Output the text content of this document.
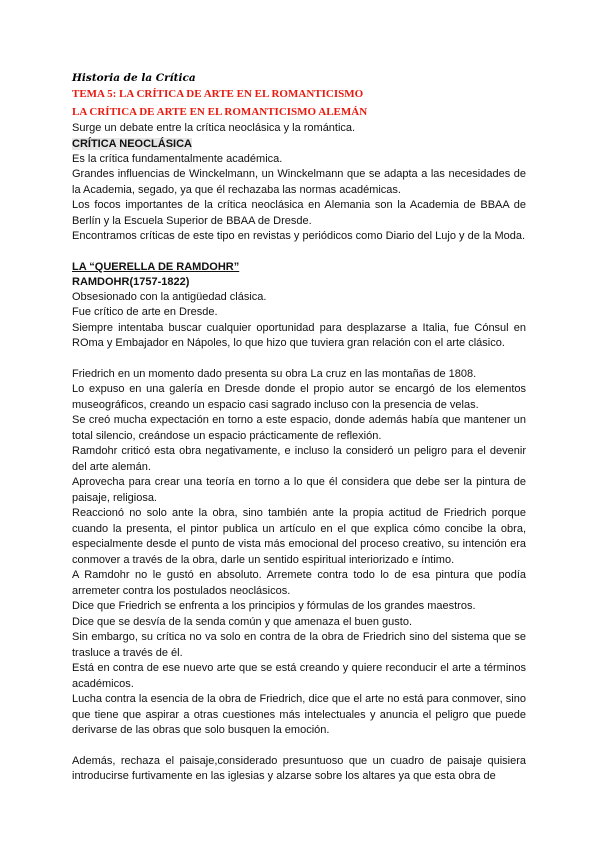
Historia de la Crítica

TEMA 5: LA CRÍTICA DE ARTE EN EL ROMANTICISMO

LA CRÍTICA DE ARTE EN EL ROMANTICISMO ALEMÁN

Surge un debate entre la crítica neoclásica y la romántica.

CRÍTICA NEOCLÁSICA

Es la crítica fundamentalmente académica.

Grandes influencias de Winckelmann, un Winckelmann que se adapta a las necesidades de la Academia, segado, ya que él rechazaba las normas académicas.

Los focos importantes de la crítica neoclásica en Alemania son la Academia de BBAA de Berlín y la Escuela Superior de BBAA de Dresde.

Encontramos críticas de este tipo en revistas y periódicos como Diario del Lujo y de la Moda.

LA “QUERELLA DE RAMDOHR”

RAMDOHR(1757-1822)

Obsesionado con la antigüedad clásica.

Fue crítico de arte en Dresde.

Siempre intentaba buscar cualquier oportunidad para desplazarse a Italia, fue Cónsul en ROma y Embajador en Nápoles, lo que hizo que tuviera gran relación con el arte clásico.

Friedrich en un momento dado presenta su obra La cruz en las montañas de 1808.

Lo expuso en una galería en Dresde donde el propio autor se encargó de los elementos museográficos, creando un espacio casi sagrado incluso con la presencia de velas.

Se creó mucha expectación en torno a este espacio, donde además había que mantener un total silencio, creándose un espacio prácticamente de reflexión.

Ramdohr criticó esta obra negativamente, e incluso la consideró un peligro para el devenir del arte alemán.

Aprovecha para crear una teoría en torno a lo que él considera que debe ser la pintura de paisaje, religiosa.

Reaccionó no solo ante la obra, sino también ante la propia actitud de Friedrich porque cuando la presenta, el pintor publica un artículo en el que explica cómo concibe la obra, especialmente desde el punto de vista más emocional del proceso creativo, su intención era conmover a través de la obra, darle un sentido espiritual interiorizado e íntimo.

A Ramdohr no le gustó en absoluto. Arremete contra todo lo de esa pintura que podía arremeter contra los postulados neoclásicos.

Dice que Friedrich se enfrenta a los principios y fórmulas de los grandes maestros.

Dice que se desvía de la senda común y que amenaza el buen gusto.

Sin embargo, su crítica no va solo en contra de la obra de Friedrich sino del sistema que se trasluce a través de él.

Está en contra de ese nuevo arte que se está creando y quiere reconducir el arte a términos académicos.

Lucha contra la esencia de la obra de Friedrich, dice que el arte no está para conmover, sino que tiene que aspirar a otras cuestiones más intelectuales y anuncia el peligro que puede derivarse de las obras que solo busquen la emoción.

Además, rechaza el paisaje,considerado presuntuoso que un cuadro de paisaje quisiera introducirse furtivamente en las iglesias y alzarse sobre los altares ya que esta obra de
